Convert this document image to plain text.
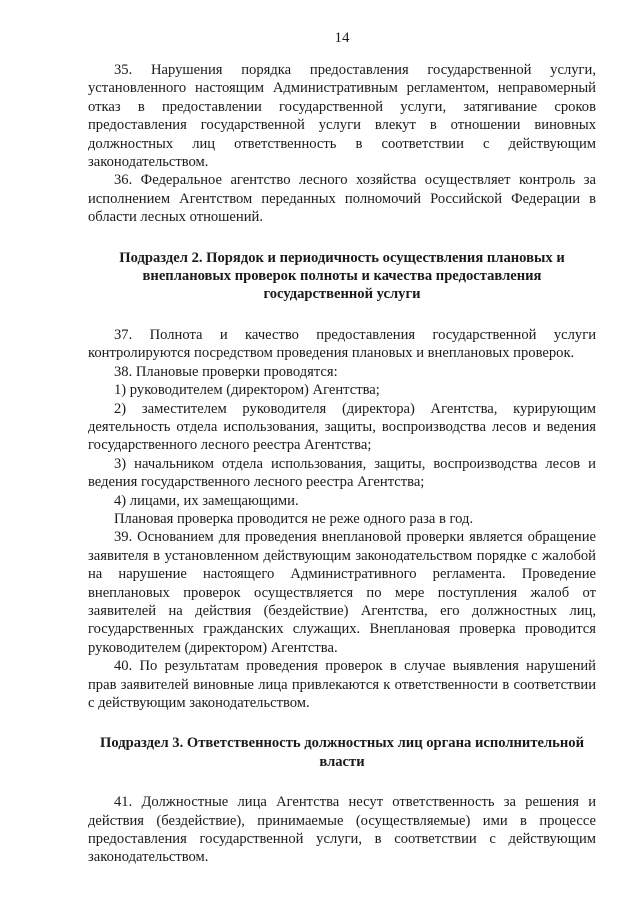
14

35. Нарушения порядка предоставления государственной услуги, установленного настоящим Административным регламентом, неправомерный отказ в предоставлении государственной услуги, затягивание сроков предоставления государственной услуги влекут в отношении виновных должностных лиц ответственность в соответствии с действующим законодательством.

36. Федеральное агентство лесного хозяйства осуществляет контроль за исполнением Агентством переданных полномочий Российской Федерации в области лесных отношений.

Подраздел 2. Порядок и периодичность осуществления плановых и внеплановых проверок полноты и качества предоставления государственной услуги

37. Полнота и качество предоставления государственной услуги контролируются посредством проведения плановых и внеплановых проверок.

38. Плановые проверки проводятся:

1) руководителем (директором) Агентства;

2) заместителем руководителя (директора) Агентства, курирующим деятельность отдела использования, защиты, воспроизводства лесов и ведения государственного лесного реестра Агентства;

3) начальником отдела использования, защиты, воспроизводства лесов и ведения государственного лесного реестра Агентства;

4) лицами, их замещающими.

Плановая проверка проводится не реже одного раза в год.

39. Основанием для проведения внеплановой проверки является обращение заявителя в установленном действующим законодательством порядке с жалобой на нарушение настоящего Административного регламента. Проведение внеплановых проверок осуществляется по мере поступления жалоб от заявителей на действия (бездействие) Агентства, его должностных лиц, государственных гражданских служащих. Внеплановая проверка проводится руководителем (директором) Агентства.

40. По результатам проведения проверок в случае выявления нарушений прав заявителей виновные лица привлекаются к ответственности в соответствии с действующим законодательством.

Подраздел 3. Ответственность должностных лиц органа исполнительной власти

41. Должностные лица Агентства несут ответственность за решения и действия (бездействие), принимаемые (осуществляемые) ими в процессе предоставления государственной услуги, в соответствии с действующим законодательством.
